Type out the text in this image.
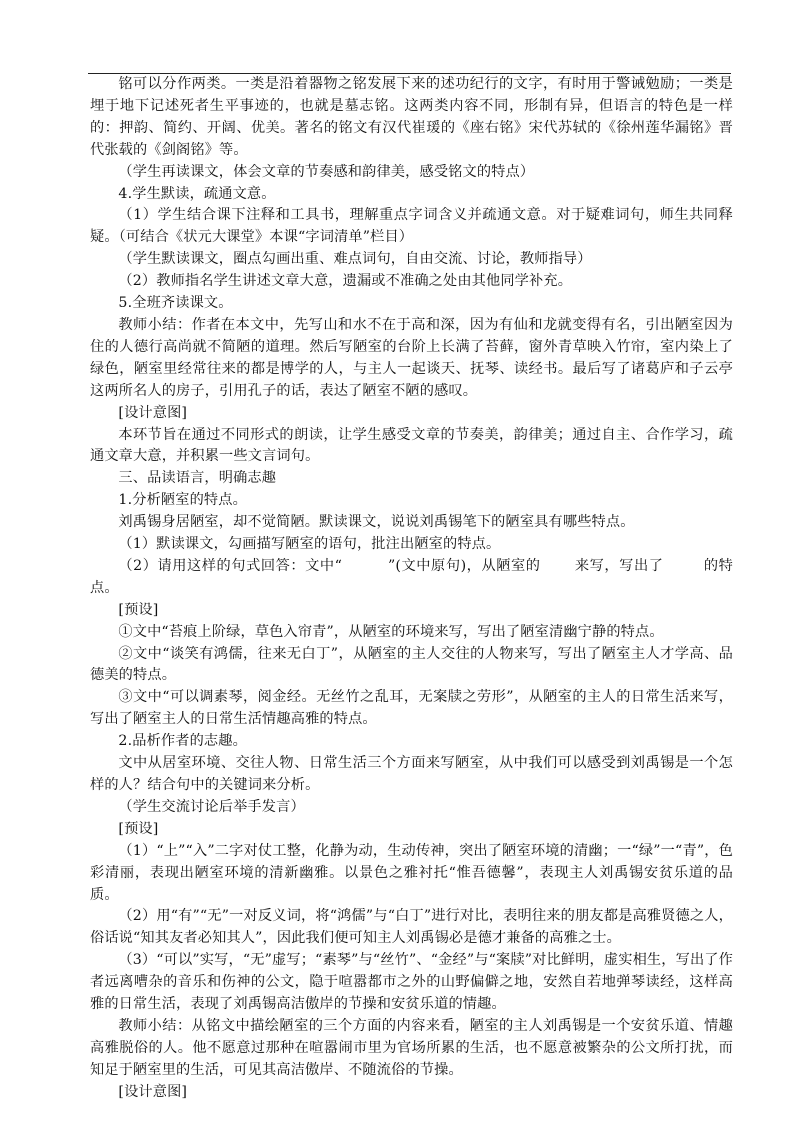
铭可以分作两类。一类是沿着器物之铭发展下来的述功纪行的文字，有时用于警诫勉励；一类是埋于地下记述死者生平事迹的，也就是墓志铭。这两类内容不同，形制有异，但语言的特色是一样的：押韵、简约、开阔、优美。著名的铭文有汉代崔瑗的《座右铭》宋代苏轼的《徐州莲华漏铭》晋代张载的《剑阁铭》等。

（学生再读课文，体会文章的节奏感和韵律美，感受铭文的特点）

4.学生默读，疏通文意。

（1）学生结合课下注释和工具书，理解重点字词含义并疏通文意。对于疑难词句，师生共同释疑。（可结合《状元大课堂》本课“字词清单”栏目）

（学生默读课文，圈点勾画出重、难点词句，自由交流、讨论，教师指导）

（2）教师指名学生讲述文章大意，遗漏或不准确之处由其他同学补充。

5.全班齐读课文。

教师小结：作者在本文中，先写山和水不在于高和深，因为有仙和龙就变得有名，引出陋室因为住的人德行高尚就不简陋的道理。然后写陋室的台阶上长满了苔藓，窗外青草映入竹帘，室内染上了绿色，陋室里经常往来的都是博学的人，与主人一起谈天、抚琴、读经书。最后写了诸葛庐和子云亭这两所名人的房子，引用孔子的话，表达了陋室不陋的感叹。

[设计意图]

本环节旨在通过不同形式的朗读，让学生感受文章的节奏美，韵律美；通过自主、合作学习，疏通文章大意，并积累一些文言词句。

三、品读语言，明确志趣

1.分析陋室的特点。

刘禹锡身居陋室，却不觉简陋。默读课文，说说刘禹锡笔下的陋室具有哪些特点。

（1）默读课文，勾画描写陋室的语句，批注出陋室的特点。

（2）请用这样的句式回答：文中“	”(文中原句)，从陋室的 来写，写出了	的特点。

[预设]

①文中“苔痕上阶绿，草色入帘青”，从陋室的环境来写，写出了陋室清幽宁静的特点。

②文中“谈笑有鸿儒，往来无白丁”，从陋室的主人交往的人物来写，写出了陋室主人才学高、品德美的特点。

③文中“可以调素琴，阅金经。无丝竹之乱耳，无案牍之劳形”，从陋室的主人的日常生活来写，写出了陋室主人的日常生活情趣高雅的特点。

2.品析作者的志趣。

文中从居室环境、交往人物、日常生活三个方面来写陋室，从中我们可以感受到刘禹锡是一个怎样的人？结合句中的关键词来分析。

（学生交流讨论后举手发言）

[预设]

（1）“上”“入”二字对仗工整，化静为动，生动传神，突出了陋室环境的清幽；一“绿”一“青”，色彩清丽，表现出陋室环境的清新幽雅。以景色之雅衬托“惟吾德馨”，表现主人刘禹锡安贫乐道的品质。

（2）用“有”“无”一对反义词，将“鸿儒”与“白丁”进行对比，表明往来的朋友都是高雅贤德之人，俗话说“知其友者必知其人”，因此我们便可知主人刘禹锡必是德才兼备的高雅之士。

（3）“可以”实写，“无”虚写；“素琴”与“丝竹”、“金经”与“案牍”对比鲜明，虚实相生，写出了作者远离嘈杂的音乐和伤神的公文，隐于喧嚣都市之外的山野偏僻之地，安然自若地弹琴读经，这样高雅的日常生活，表现了刘禹锡高洁傲岸的节操和安贫乐道的情趣。

教师小结：从铭文中描绘陋室的三个方面的内容来看，陋室的主人刘禹锡是一个安贫乐道、情趣高雅脱俗的人。他不愿意过那种在喧嚣闹市里为官场所累的生活，也不愿意被繁杂的公文所打扰，而知足于陋室里的生活，可见其高洁傲岸、不随流俗的节操。

[设计意图]
